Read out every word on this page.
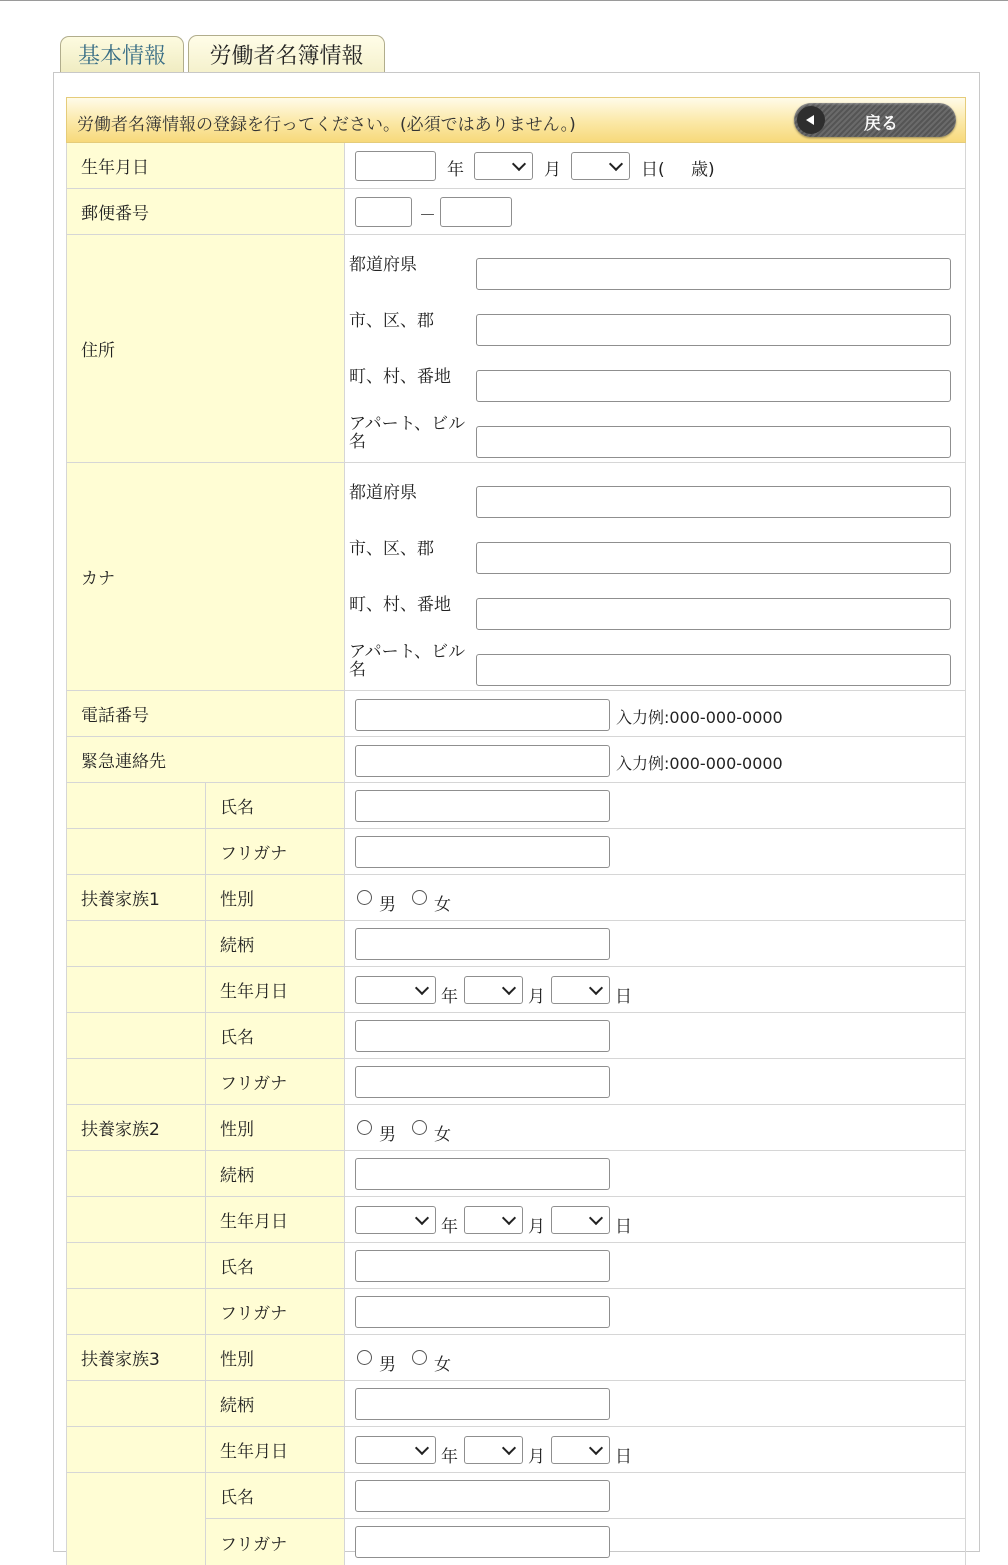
基本情報 労働者名簿情報
労働者名簿情報の登録を行ってください。(必須ではありません。)	戻る
生年月日	年	月	日( 歳)
郵便番号	－
住所
都道府県
市、区、郡
町、村、番地
アパート、ビル名
カナ
都道府県
市、区、郡
町、村、番地
アパート、ビル名
電話番号	入力例:000-000-0000
緊急連絡先	入力例:000-000-0000
扶養家族1
氏名
フリガナ
性別	男 女
続柄
生年月日	年	月	日
扶養家族2
氏名
フリガナ
性別	男 女
続柄
生年月日	年	月	日
扶養家族3
氏名
フリガナ
性別	男 女
続柄
生年月日	年	月	日
氏名
フリガナ
